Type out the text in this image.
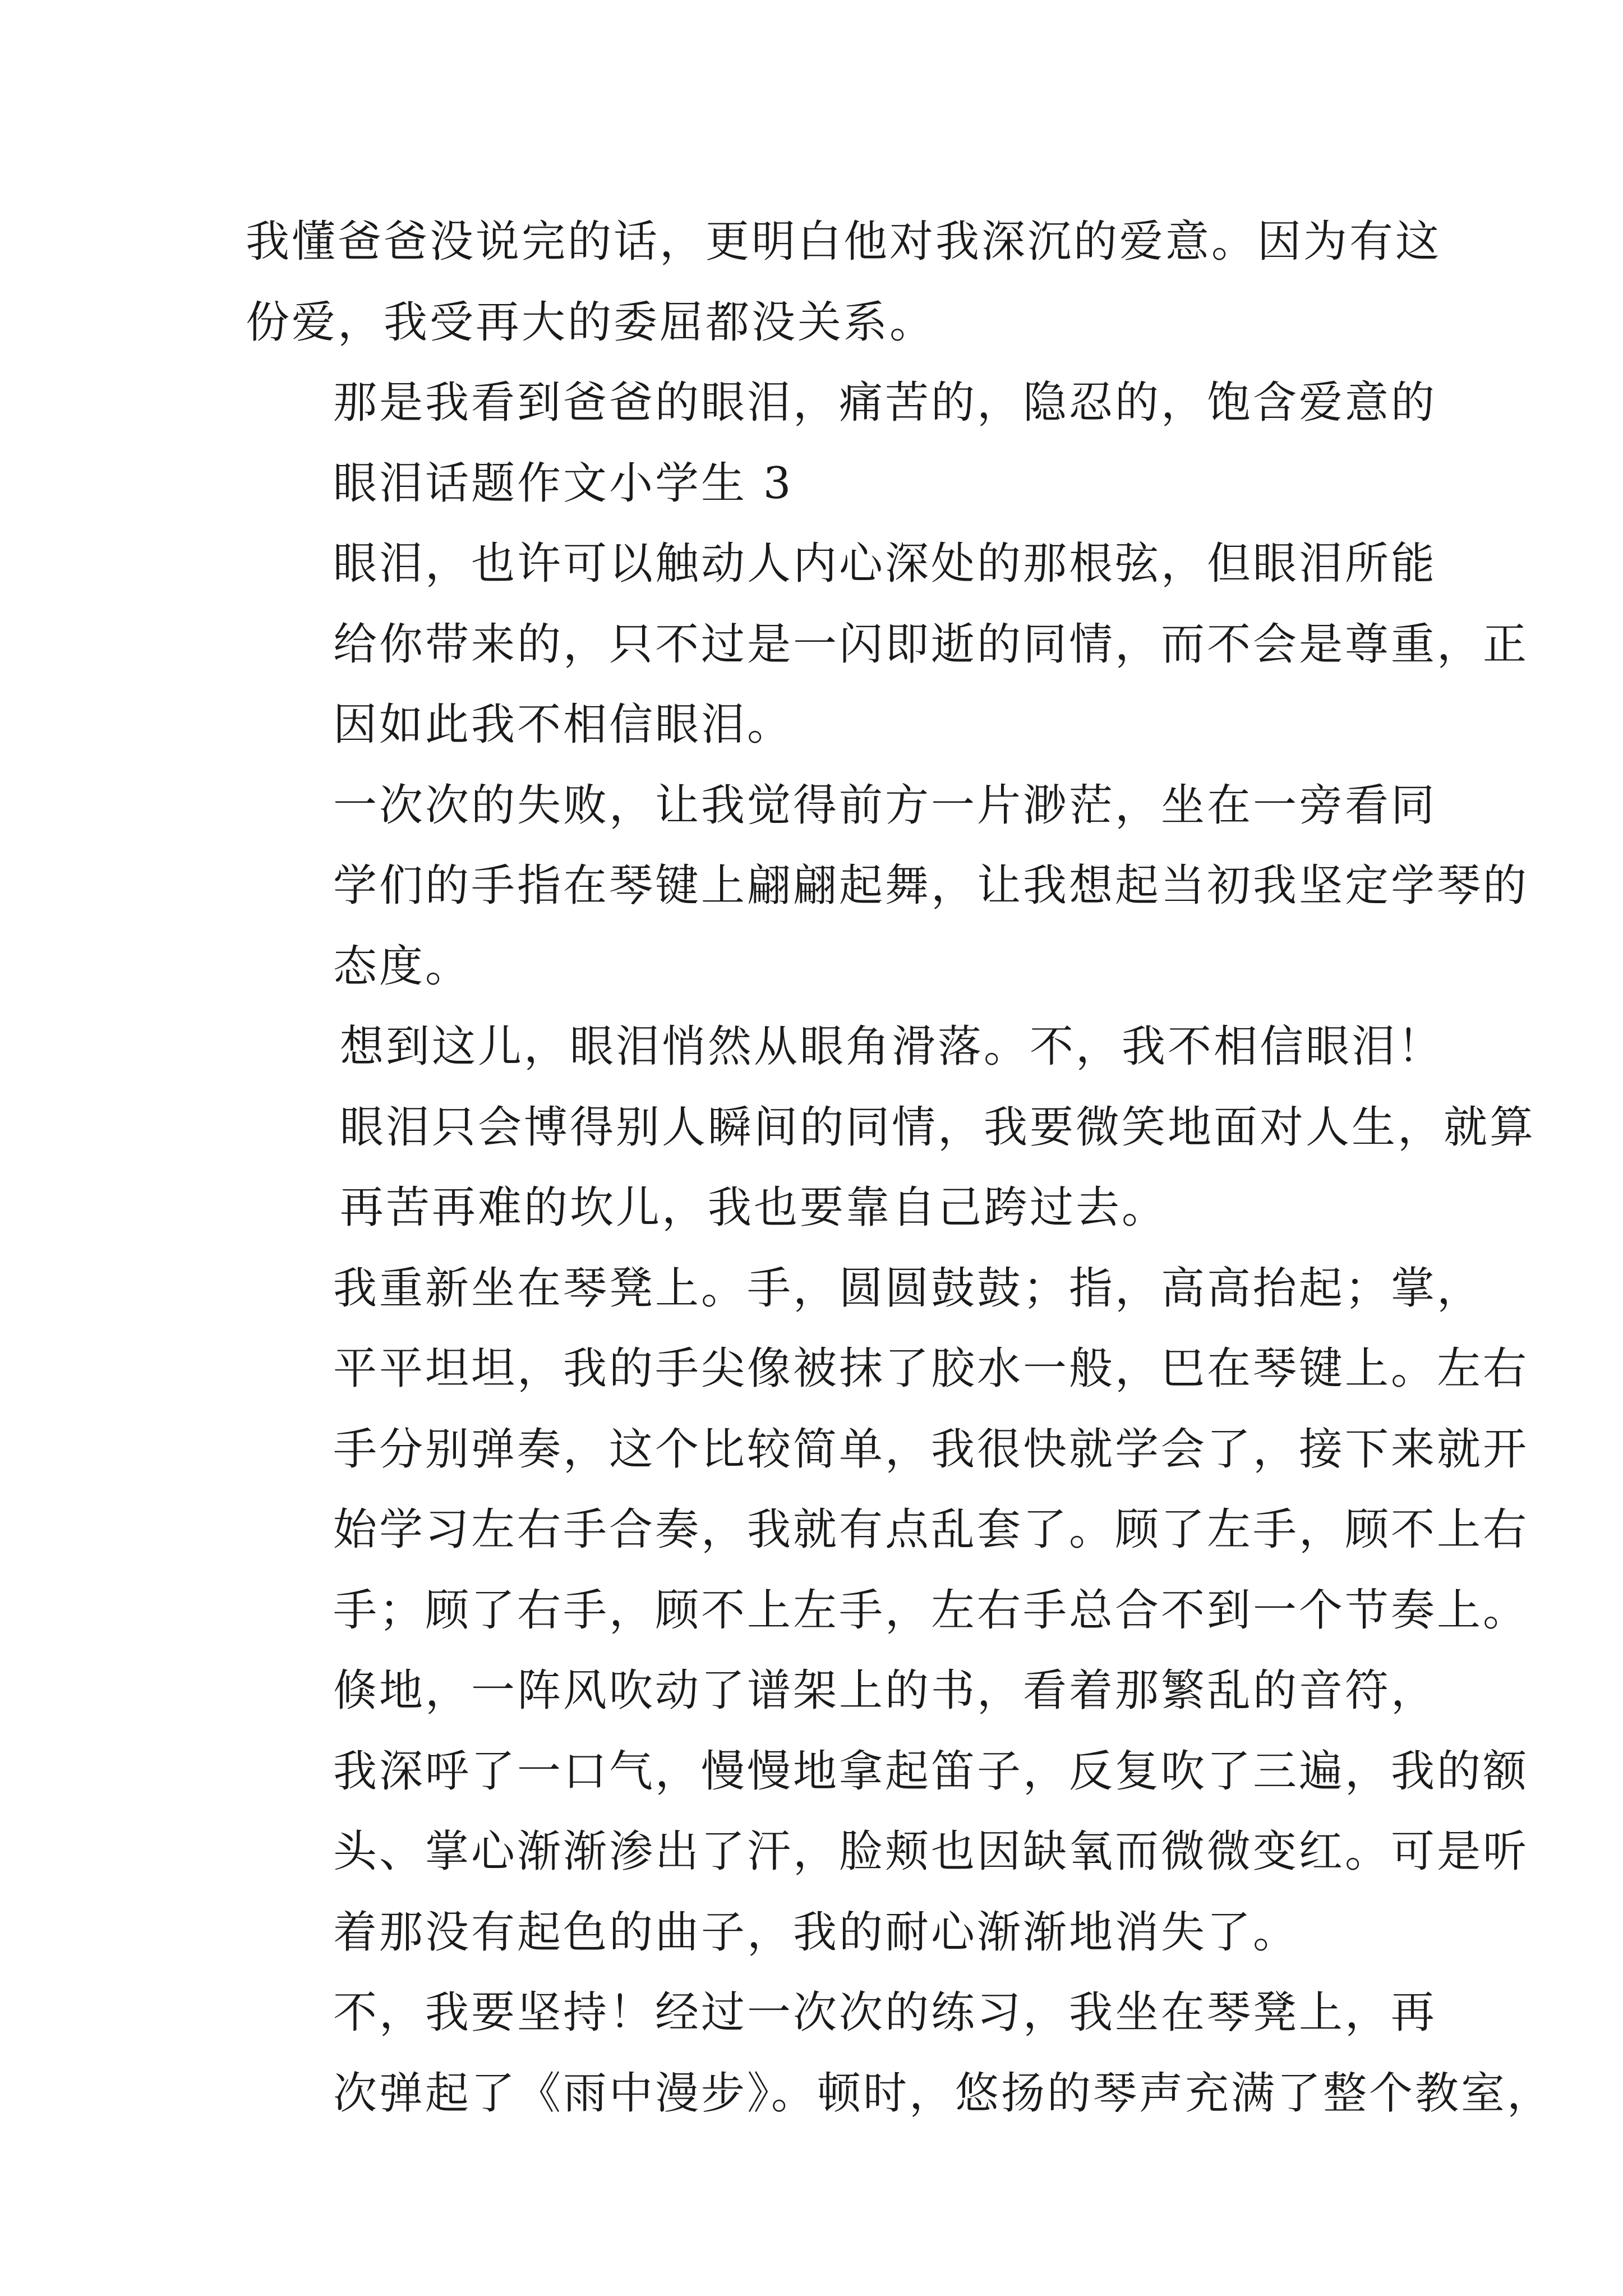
我懂爸爸没说完的话，更明白他对我深沉的爱意。因为有这
份爱，我受再大的委屈都没关系。

那是我看到爸爸的眼泪，痛苦的，隐忍的，饱含爱意的

眼泪话题作文小学生 3

眼泪，也许可以触动人内心深处的那根弦，但眼泪所能
给你带来的，只不过是一闪即逝的同情，而不会是尊重，正
因如此我不相信眼泪。

一次次的失败，让我觉得前方一片渺茫，坐在一旁看同
学们的手指在琴键上翩翩起舞，让我想起当初我坚定学琴的
态度。

想到这儿，眼泪悄然从眼角滑落。不，我不相信眼泪！
眼泪只会博得别人瞬间的同情，我要微笑地面对人生，就算
再苦再难的坎儿，我也要靠自己跨过去。

我重新坐在琴凳上。手，圆圆鼓鼓；指，高高抬起；掌，
平平坦坦，我的手尖像被抹了胶水一般，巴在琴键上。左右
手分别弹奏，这个比较简单，我很快就学会了，接下来就开
始学习左右手合奏，我就有点乱套了。顾了左手，顾不上右
手；顾了右手，顾不上左手，左右手总合不到一个节奏上。

倏地，一阵风吹动了谱架上的书，看着那繁乱的音符，
我深呼了一口气，慢慢地拿起笛子，反复吹了三遍，我的额
头、掌心渐渐渗出了汗，脸颊也因缺氧而微微变红。可是听
着那没有起色的曲子，我的耐心渐渐地消失了。

不，我要坚持！经过一次次的练习，我坐在琴凳上，再
次弹起了《雨中漫步》。顿时，悠扬的琴声充满了整个教室，
